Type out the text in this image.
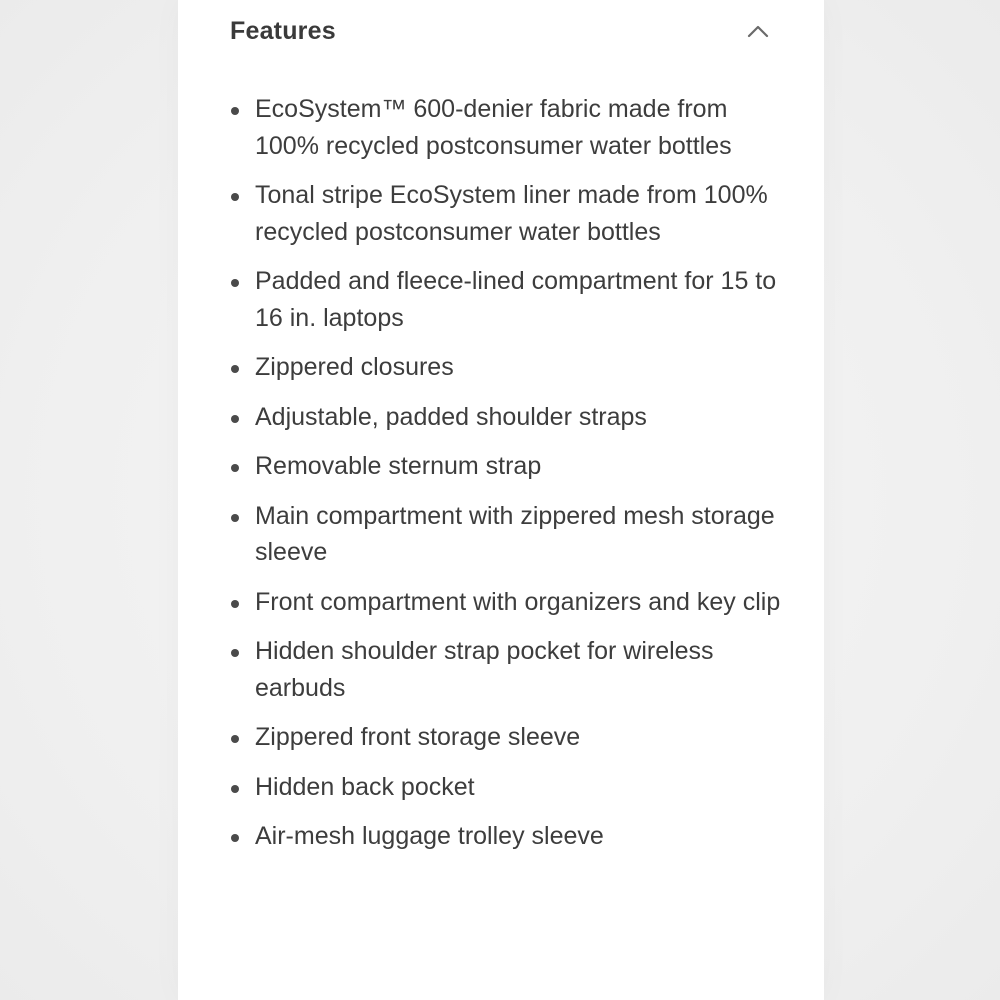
Features
EcoSystem™ 600-denier fabric made from 100% recycled postconsumer water bottles
Tonal stripe EcoSystem liner made from 100% recycled postconsumer water bottles
Padded and fleece-lined compartment for 15 to 16 in. laptops
Zippered closures
Adjustable, padded shoulder straps
Removable sternum strap
Main compartment with zippered mesh storage sleeve
Front compartment with organizers and key clip
Hidden shoulder strap pocket for wireless earbuds
Zippered front storage sleeve
Hidden back pocket
Air-mesh luggage trolley sleeve
